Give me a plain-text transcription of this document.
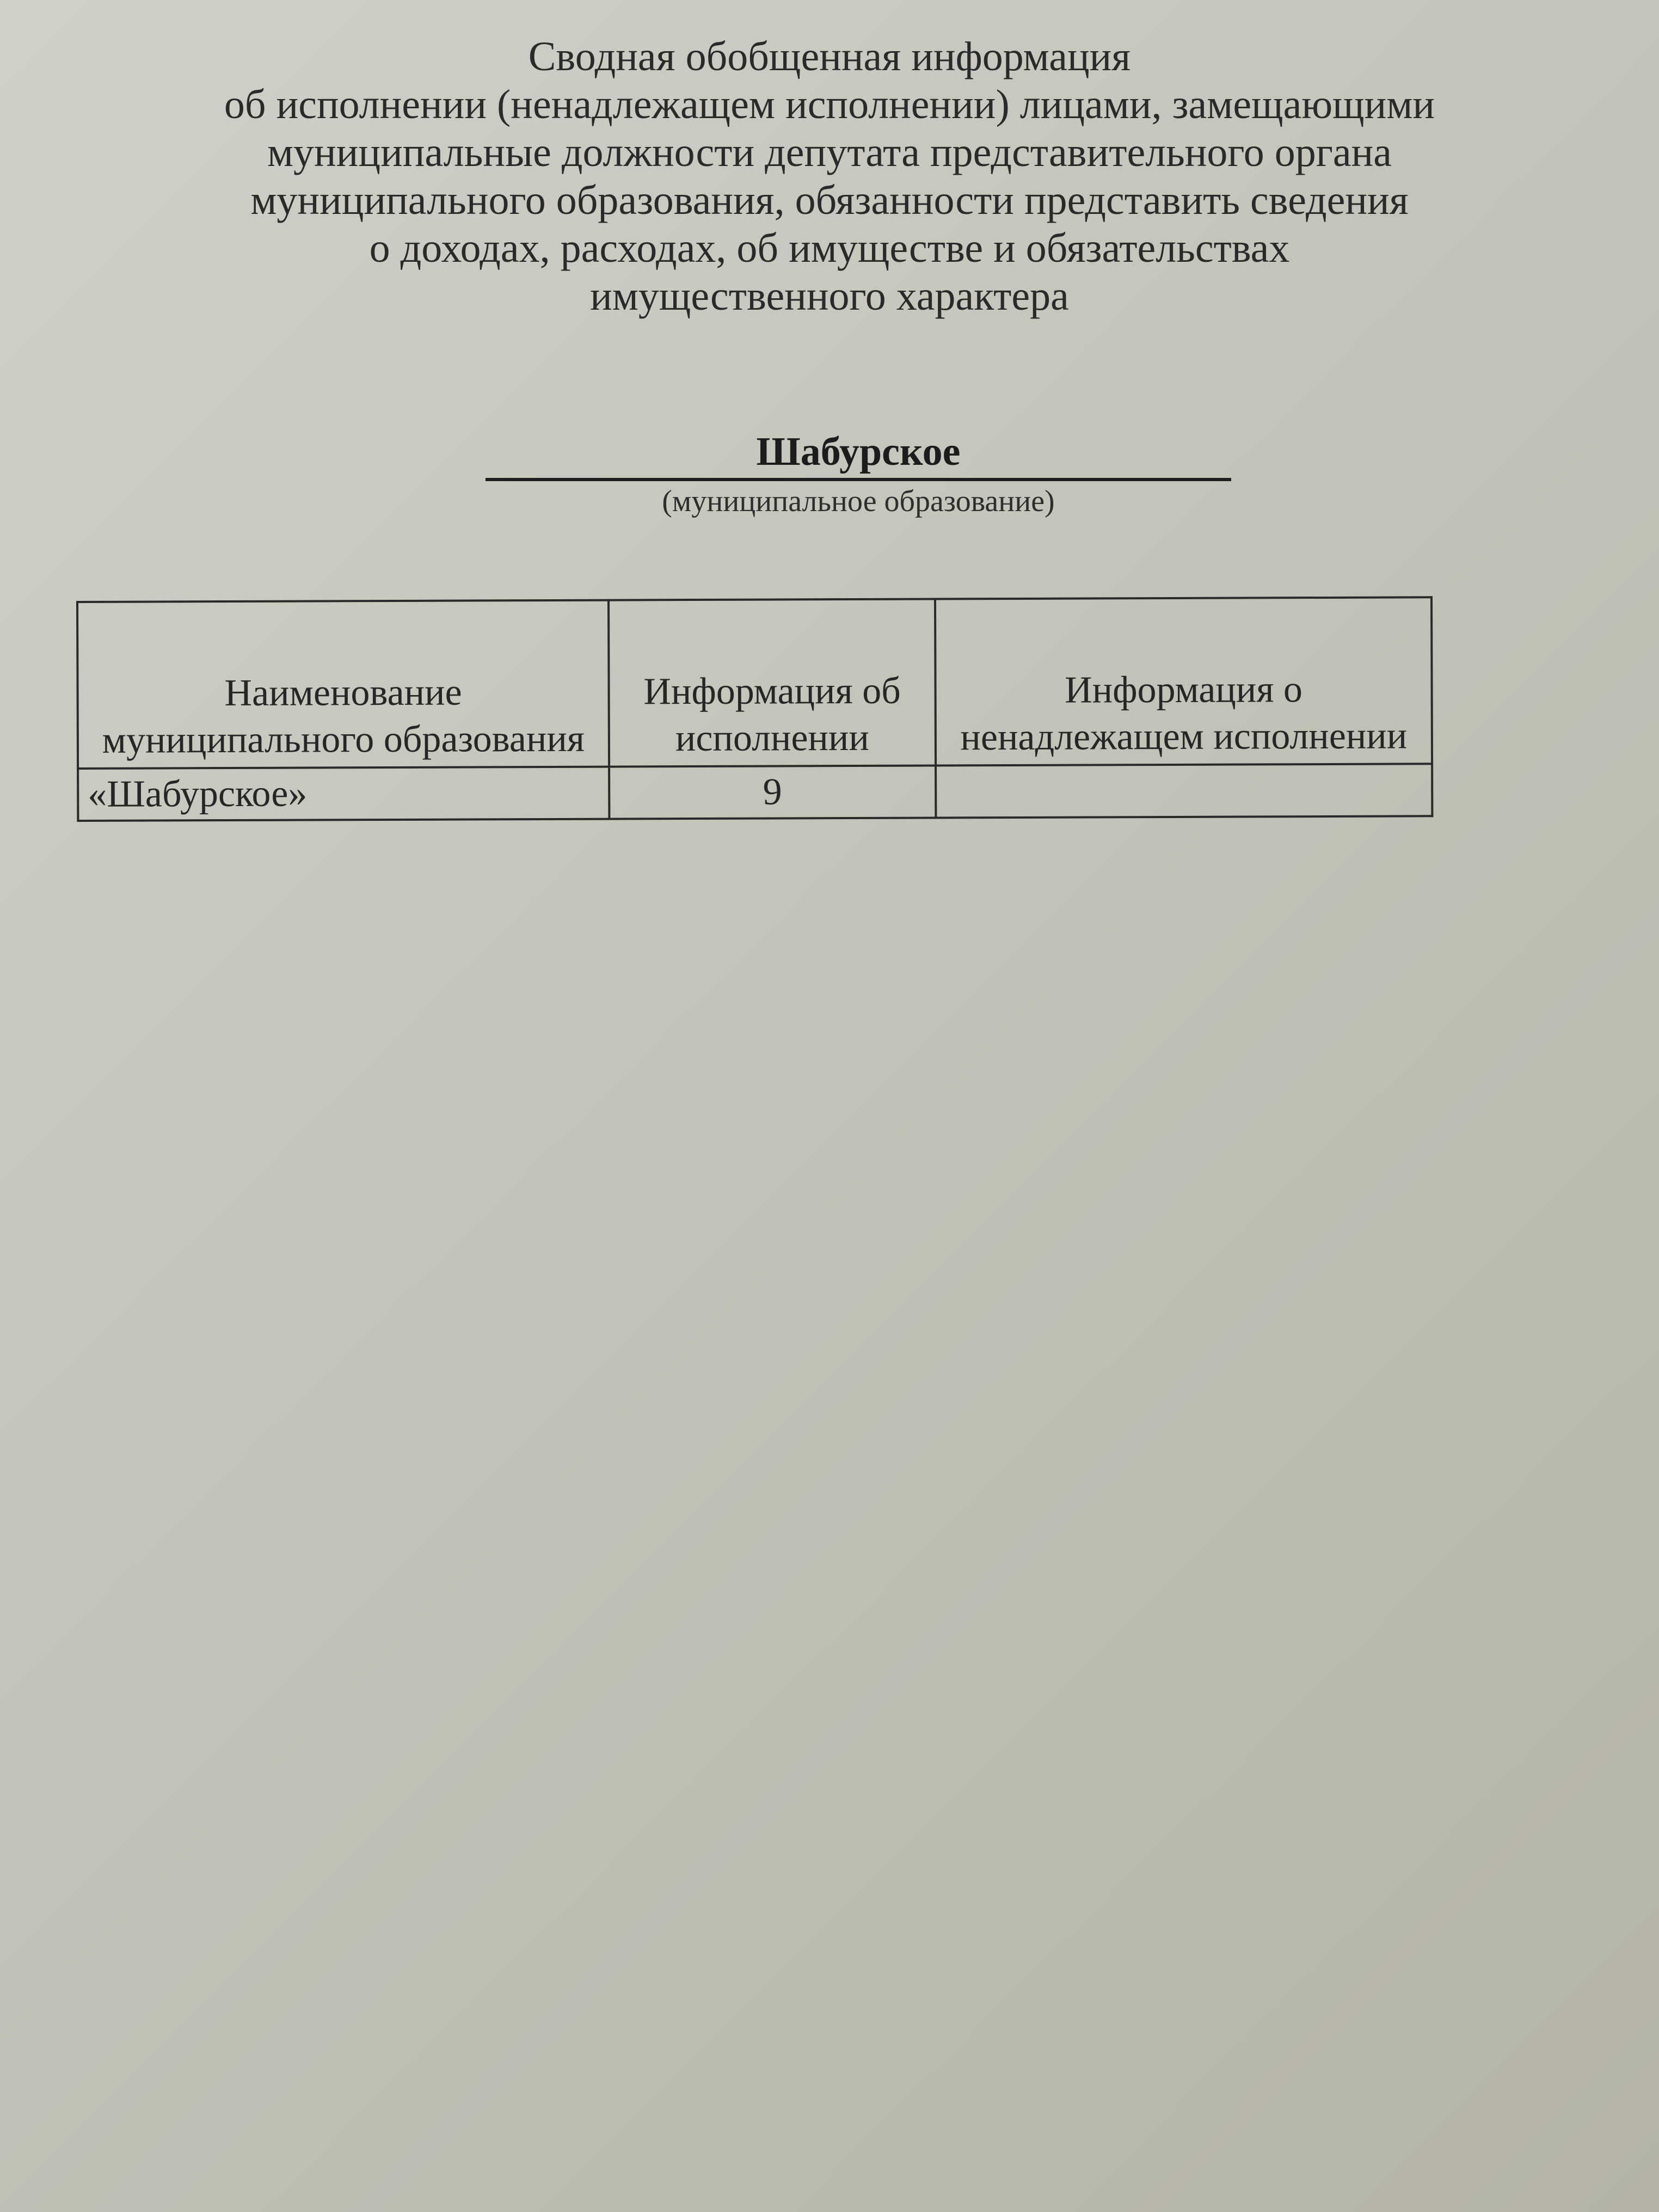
Сводная обобщенная информация
об исполнении (ненадлежащем исполнении) лицами, замещающими
муниципальные должности депутата представительного органа
муниципального образования, обязанности представить сведения
о доходах, расходах, об имуществе и обязательствах
имущественного характера
Шабурское
(муниципальное образование)
Наименование муниципального образования	Информация об исполнении	Информация о ненадлежащем исполнении
«Шабурское»	9	
